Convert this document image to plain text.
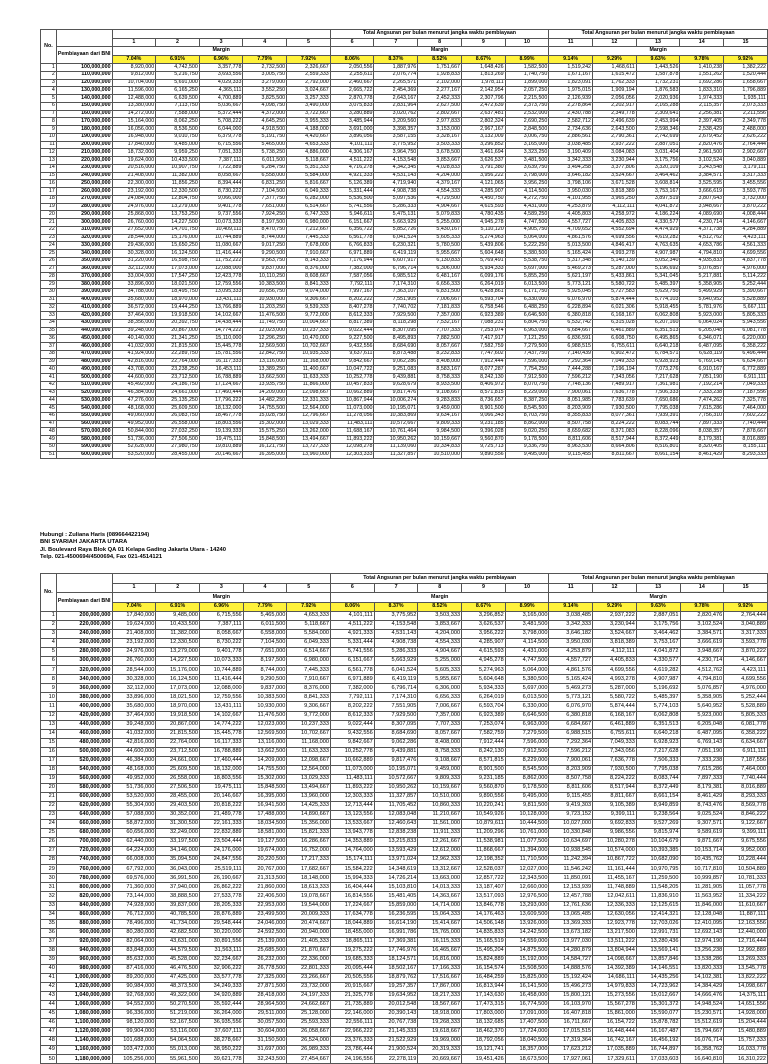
No.							Total Angsuran per bulan menurut jangka waktu pembiayaan					Total Angsuran per bulan menurut jangka waktu pembiayaan				
		1	2	3	4	5	6	7	8	9	10	11	12	13	14	15
	Pembiayaan dari BNI	Margin					Margin					Margin				
		7.04%	6.91%	6.96%	7.79%	7.92%	8.06%	8.37%	8.52%	8.67%	8.99%	9.14%	9.29%	9.63%	9.78%	9.92%
1	100,000,000	8,920,000	4,742,500	3,357,778	2,732,500	2,326,667	2,050,556	1,887,976	1,751,667	1,648,426	1,582,500	1,519,242	1,468,611	1,443,526	1,410,238	1,382,222
2	110,000,000	9,812,000	5,216,750	3,693,556	3,005,750	2,559,333	2,255,611	2,076,774	1,928,833	1,813,269	1,740,750	1,671,167	1,615,472	1,587,878	1,551,262	1,520,444
3	120,000,000	10,704,000	5,691,000	4,029,333	3,279,000	2,792,000	2,460,667	2,265,571	2,102,000	1,978,111	1,899,000	1,823,091	1,762,333	1,732,231	1,692,286	1,658,667
4	130,000,000	11,596,000	6,165,250	4,365,111	3,552,250	3,024,667	2,665,722	2,454,369	2,277,167	2,142,954	2,057,250	1,975,015	1,909,194	1,876,583	1,833,310	1,796,889
5	140,000,000	12,488,000	6,639,500	4,700,889	3,825,500	3,257,333	2,870,778	2,643,167	2,452,333	2,307,796	2,215,500	2,126,939	2,056,056	2,020,936	1,974,333	1,935,111
6	150,000,000	13,380,000	7,113,750	5,036,667	4,098,750	3,490,000	3,075,833	2,831,964	2,627,500	2,472,639	2,373,750	2,278,864	2,202,917	2,165,288	2,115,357	2,073,333
7	160,000,000	14,272,000	7,588,000	5,372,444	4,372,000	3,722,667	3,280,889	3,020,762	2,802,667	2,637,481	2,532,000	2,430,788	2,349,778	2,309,641	2,256,381	2,211,556
8	170,000,000	15,164,000	8,062,250	5,708,222	4,645,250	3,955,333	3,485,944	3,209,560	2,977,833	2,802,324	2,690,250	2,582,712	2,496,639	2,453,994	2,397,405	2,349,778
9	180,000,000	16,056,000	8,536,500	6,044,000	4,918,500	4,188,000	3,691,000	3,398,357	3,153,000	2,967,167	2,848,500	2,734,636	2,643,500	2,598,346	2,538,429	2,488,000
10	190,000,000	16,948,000	9,010,750	6,379,778	5,191,750	4,420,667	3,896,056	3,587,155	3,328,167	3,132,009	3,006,750	2,886,561	2,790,361	2,742,699	2,679,452	2,626,222
11	200,000,000	17,840,000	9,485,000	6,715,556	5,465,000	4,653,333	4,101,111	3,775,952	3,503,333	3,296,852	3,165,000	3,038,485	2,937,222	2,887,051	2,820,476	2,764,444
12	210,000,000	18,732,000	9,959,250	7,051,333	5,738,250	4,886,000	4,306,167	3,964,750	3,678,500	3,461,694	3,323,250	3,190,409	3,084,083	3,031,404	2,961,500	2,902,667
13	220,000,000	19,624,000	10,433,500	7,387,111	6,011,500	5,118,667	4,511,222	4,153,548	3,853,667	3,626,537	3,481,500	3,342,333	3,230,944	3,175,756	3,102,524	3,040,889
14	230,000,000	20,516,000	10,907,750	7,722,889	6,284,750	5,351,333	4,716,278	4,342,345	4,028,833	3,791,380	3,639,750	3,494,258	3,377,806	3,320,109	3,243,548	3,179,111
15	240,000,000	21,408,000	11,382,000	8,058,667	6,558,000	5,584,000	4,921,333	4,531,143	4,204,000	3,956,222	3,798,000	3,646,182	3,524,667	3,464,462	3,384,571	3,317,333
16	250,000,000	22,300,000	11,856,250	8,394,444	6,831,250	5,816,667	5,126,389	4,719,940	4,379,167	4,121,065	3,956,250	3,798,106	3,671,528	3,608,814	3,525,595	3,455,556
17	260,000,000	23,192,000	12,330,500	8,730,222	7,104,500	6,049,333	5,331,444	4,908,738	4,554,333	4,285,907	4,114,500	3,950,030	3,818,389	3,753,167	3,666,619	3,593,778
18	270,000,000	24,084,000	12,804,750	9,066,000	7,377,750	6,282,000	5,536,500	5,097,536	4,729,500	4,450,750	4,272,750	4,101,955	3,965,250	3,897,519	3,807,643	3,732,000
19	280,000,000	24,976,000	13,279,000	9,401,778	7,651,000	6,514,667	5,741,556	5,286,333	4,904,667	4,615,593	4,431,000	4,253,879	4,112,111	4,041,872	3,948,667	3,870,222
20	290,000,000	25,868,000	13,753,250	9,737,556	7,924,250	6,747,333	5,946,611	5,475,131	5,079,833	4,780,435	4,589,250	4,405,803	4,258,972	4,186,224	4,089,690	4,008,444
21	300,000,000	26,760,000	14,227,500	10,073,333	8,197,500	6,980,000	6,151,667	5,663,929	5,255,000	4,945,278	4,747,500	4,557,727	4,405,833	4,330,577	4,230,714	4,146,667
22	310,000,000	27,652,000	14,701,750	10,409,111	8,470,750	7,212,667	6,356,722	5,852,726	5,430,167	5,110,120	4,905,750	4,709,652	4,552,694	4,474,929	4,371,738	4,284,889
23	320,000,000	28,544,000	15,176,000	10,744,889	8,744,000	7,445,333	6,561,778	6,041,524	5,605,333	5,274,963	5,064,000	4,861,576	4,699,556	4,619,282	4,512,762	4,423,111
24	330,000,000	29,436,000	15,650,250	11,080,667	9,017,250	7,678,000	6,766,833	6,230,321	5,780,500	5,439,806	5,222,250	5,013,500	4,846,417	4,763,635	4,653,786	4,561,333
25	340,000,000	30,328,000	16,124,500	11,416,444	9,290,500	7,910,667	6,971,889	6,419,119	5,955,667	5,604,648	5,380,500	5,165,424	4,993,278	4,907,987	4,794,810	4,699,556
26	350,000,000	31,220,000	16,598,750	11,752,222	9,563,750	8,143,333	7,176,944	6,607,917	6,130,833	5,769,491	5,538,750	5,317,348	5,140,139	5,052,340	4,935,833	4,837,778
27	360,000,000	32,112,000	17,073,000	12,088,000	9,837,000	8,376,000	7,382,000	6,796,714	6,306,000	5,934,333	5,697,000	5,469,273	5,287,000	5,196,692	5,076,857	4,976,000
28	370,000,000	33,004,000	17,547,250	12,423,778	10,110,250	8,608,667	7,587,056	6,985,512	6,481,167	6,099,176	5,855,250	5,621,197	5,433,861	5,341,045	5,217,881	5,114,222
29	380,000,000	33,896,000	18,021,500	12,759,556	10,383,500	8,841,333	7,792,111	7,174,310	6,656,333	6,264,019	6,013,500	5,773,121	5,580,722	5,485,397	5,358,905	5,252,444
30	390,000,000	34,788,000	18,495,750	13,095,333	10,656,750	9,074,000	7,997,167	7,363,107	6,831,500	6,428,861	6,171,750	5,925,045	5,727,583	5,629,750	5,499,929	5,390,667
31	400,000,000	35,680,000	18,970,000	13,431,111	10,930,000	9,306,667	8,202,222	7,551,905	7,006,667	6,593,704	6,330,000	6,076,970	5,874,444	5,774,103	5,640,952	5,528,889
32	410,000,000	36,572,000	19,444,250	13,766,889	11,203,250	9,539,333	8,407,278	7,740,702	7,181,833	6,758,546	6,488,250	6,228,894	6,021,306	5,918,455	5,781,976	5,667,111
33	420,000,000	37,464,000	19,918,500	14,102,667	11,476,500	9,772,000	8,612,333	7,929,500	7,357,000	6,923,389	6,646,500	6,380,818	6,168,167	6,062,808	5,923,000	5,805,333
34	430,000,000	38,356,000	20,392,750	14,438,444	11,749,750	10,004,667	8,817,389	8,118,298	7,532,167	7,088,231	6,804,750	6,532,742	6,315,028	6,207,160	6,064,024	5,943,556
35	440,000,000	39,248,000	20,867,000	14,774,222	12,023,000	10,237,333	9,022,444	8,307,095	7,707,333	7,253,074	6,963,000	6,684,667	6,461,889	6,351,513	6,205,048	6,081,778
36	450,000,000	40,140,000	21,341,250	15,110,000	12,296,250	10,470,000	9,227,500	8,495,893	7,882,500	7,417,917	7,121,250	6,836,591	6,608,750	6,495,865	6,346,071	6,220,000
37	460,000,000	41,032,000	21,815,500	15,445,778	12,569,500	10,702,667	9,432,556	8,684,690	8,057,667	7,582,759	7,279,500	6,988,515	6,755,611	6,640,218	6,487,095	6,358,222
38	470,000,000	41,924,000	22,289,750	15,781,556	12,842,750	10,935,333	9,637,611	8,873,488	8,232,833	7,747,602	7,437,750	7,140,439	6,902,472	6,784,571	6,628,119	6,496,444
39	480,000,000	42,816,000	22,764,000	16,117,333	13,116,000	11,168,000	9,842,667	9,062,286	8,408,000	7,912,444	7,596,000	7,292,364	7,049,333	6,928,923	6,769,143	6,634,667
40	490,000,000	43,708,000	23,238,250	16,453,111	13,389,250	11,400,667	10,047,722	9,251,083	8,583,167	8,077,287	7,754,250	7,444,288	7,196,194	7,073,276	6,910,167	6,772,889
41	500,000,000	44,600,000	23,712,500	16,788,889	13,662,500	11,633,333	10,252,778	9,439,881	8,758,333	8,242,130	7,912,500	7,596,212	7,343,056	7,217,628	7,051,190	6,911,111
42	510,000,000	45,492,000	24,186,750	17,124,667	13,935,750	11,866,000	10,457,833	9,628,679	8,933,500	8,406,972	8,070,750	7,748,136	7,489,917	7,361,981	7,192,214	7,049,333
43	520,000,000	46,384,000	24,661,000	17,460,444	14,209,000	12,098,667	10,662,889	9,817,476	9,108,667	8,571,815	8,229,000	7,900,061	7,636,778	7,506,333	7,333,238	7,187,556
44	530,000,000	47,276,000	25,135,250	17,796,222	14,482,250	12,331,333	10,867,944	10,006,274	9,283,833	8,736,657	8,387,250	8,051,985	7,783,639	7,650,686	7,474,262	7,325,778
45	540,000,000	48,168,000	25,609,500	18,132,000	14,755,500	12,564,000	11,073,000	10,195,071	9,459,000	8,901,500	8,545,500	8,203,909	7,930,500	7,795,038	7,615,286	7,464,000
46	550,000,000	49,060,000	26,083,750	18,467,778	15,028,750	12,796,667	11,278,056	10,383,869	9,634,167	9,066,343	8,703,750	8,355,833	8,077,361	7,939,391	7,756,310	7,602,222
47	560,000,000	49,952,000	26,558,000	18,803,556	15,302,000	13,029,333	11,483,111	10,572,667	9,809,333	9,231,185	8,862,000	8,507,758	8,224,222	8,083,744	7,897,333	7,740,444
48	570,000,000	50,844,000	27,032,250	19,139,333	15,575,250	13,262,000	11,688,167	10,761,464	9,984,500	9,396,028	9,020,250	8,659,682	8,371,083	8,228,096	8,038,357	7,878,667
49	580,000,000	51,736,000	27,506,500	19,475,111	15,848,500	13,494,667	11,893,222	10,950,262	10,159,667	9,560,870	9,178,500	8,811,606	8,517,944	8,372,449	8,179,381	8,016,889
50	590,000,000	52,628,000	27,980,750	19,810,889	16,121,750	13,727,333	12,098,278	11,139,060	10,334,833	9,725,713	9,336,750	8,963,530	8,664,806	8,516,801	8,320,405	8,155,111
51	600,000,000	53,520,000	28,455,000	20,146,667	16,395,000	13,960,000	12,303,333	11,327,857	10,510,000	9,890,556	9,495,000	9,115,455	8,811,667	8,661,154	8,461,429	8,293,333
Hubungi : Zuliana Haris (089664422194)
BNI SYARIAH JAKARTA UTARA
Jl. Boulevard Raya Blok QA 01 Kelapa Gading Jakarta Utara - 14240
Telp. 021-4500694/4500694, Fax 021-4514121
No.							Total Angsuran per bulan menurut jangka waktu pembiayaan					Total Angsuran per bulan menurut jangka waktu pembiayaan				
		1	2	3	4	5	6	7	8	9	10	11	12	13	14	15
	Pembiayaan dari BNI	Margin					Margin					Margin				
		7.04%	6.91%	6.96%	7.79%	7.92%	8.06%	8.37%	8.52%	8.67%	8.99%	9.14%	9.29%	9.63%	9.78%	9.92%
1	200,000,000	17,840,000	9,485,000	6,715,556	5,465,000	4,653,333	4,101,111	3,775,952	3,503,333	3,296,852	3,165,000	3,038,485	2,937,222	2,887,051	2,820,476	2,764,444
2	220,000,000	19,624,000	10,433,500	7,387,111	6,011,500	5,118,667	4,511,222	4,153,548	3,853,667	3,626,537	3,481,500	3,342,333	3,230,944	3,175,756	3,102,524	3,040,889
3	240,000,000	21,408,000	11,382,000	8,058,667	6,558,000	5,584,000	4,921,333	4,531,143	4,204,000	3,956,222	3,798,000	3,646,182	3,524,667	3,464,462	3,384,571	3,317,333
4	260,000,000	23,192,000	12,330,500	8,730,222	7,104,500	6,049,333	5,331,444	4,908,738	4,554,333	4,285,907	4,114,500	3,950,030	3,818,389	3,753,167	3,666,619	3,593,778
5	280,000,000	24,976,000	13,279,000	9,401,778	7,651,000	6,514,667	5,741,556	5,286,333	4,904,667	4,615,593	4,431,000	4,253,879	4,112,111	4,041,872	3,948,667	3,870,222
6	300,000,000	26,760,000	14,227,500	10,073,333	8,197,500	6,980,000	6,151,667	5,663,929	5,255,000	4,945,278	4,747,500	4,557,727	4,405,833	4,330,577	4,230,714	4,146,667
7	320,000,000	28,544,000	15,176,000	10,744,889	8,744,000	7,445,333	6,561,778	6,041,524	5,605,333	5,274,963	5,064,000	4,861,576	4,699,556	4,619,282	4,512,762	4,423,111
8	340,000,000	30,328,000	16,124,500	11,416,444	9,290,500	7,910,667	6,971,889	6,419,119	5,955,667	5,604,648	5,380,500	5,165,424	4,993,278	4,907,987	4,794,810	4,699,556
9	360,000,000	32,112,000	17,073,000	12,088,000	9,837,000	8,376,000	7,382,000	6,796,714	6,306,000	5,934,333	5,697,000	5,469,273	5,287,000	5,196,692	5,076,857	4,976,000
10	380,000,000	33,896,000	18,021,500	12,759,556	10,383,500	8,841,333	7,792,111	7,174,310	6,656,333	6,264,019	6,013,500	5,773,121	5,580,722	5,485,397	5,358,905	5,252,444
11	400,000,000	35,680,000	18,970,000	13,431,111	10,930,000	9,306,667	8,202,222	7,551,905	7,006,667	6,593,704	6,330,000	6,076,970	5,874,444	5,774,103	5,640,952	5,528,889
12	420,000,000	37,464,000	19,918,500	14,102,667	11,476,500	9,772,000	8,612,333	7,929,500	7,357,000	6,923,389	6,646,500	6,380,818	6,168,167	6,062,808	5,923,000	5,805,333
13	440,000,000	39,248,000	20,867,000	14,774,222	12,023,000	10,237,333	9,022,444	8,307,095	7,707,333	7,253,074	6,963,000	6,684,667	6,461,889	6,351,513	6,205,048	6,081,778
14	460,000,000	41,032,000	21,815,500	15,445,778	12,569,500	10,702,667	9,432,556	8,684,690	8,057,667	7,582,759	7,279,500	6,988,515	6,755,611	6,640,218	6,487,095	6,358,222
15	480,000,000	42,816,000	22,764,000	16,117,333	13,116,000	11,168,000	9,842,667	9,062,286	8,408,000	7,912,444	7,596,000	7,292,364	7,049,333	6,928,923	6,769,143	6,634,667
16	500,000,000	44,600,000	23,712,500	16,788,889	13,662,500	11,633,333	10,252,778	9,439,881	8,758,333	8,242,130	7,912,500	7,596,212	7,343,056	7,217,628	7,051,190	6,911,111
17	520,000,000	46,384,000	24,661,000	17,460,444	14,209,000	12,098,667	10,662,889	9,817,476	9,108,667	8,571,815	8,229,000	7,900,061	7,636,778	7,506,333	7,333,238	7,187,556
18	540,000,000	48,168,000	25,609,500	18,132,000	14,755,500	12,564,000	11,073,000	10,195,071	9,459,000	8,901,500	8,545,500	8,203,909	7,930,500	7,795,038	7,615,286	7,464,000
19	560,000,000	49,952,000	26,558,000	18,803,556	15,302,000	13,029,333	11,483,111	10,572,667	9,809,333	9,231,185	8,862,000	8,507,758	8,224,222	8,083,744	7,897,333	7,740,444
20	580,000,000	51,736,000	27,506,500	19,475,111	15,848,500	13,494,667	11,893,222	10,950,262	10,159,667	9,560,870	9,178,500	8,811,606	8,517,944	8,372,449	8,179,381	8,016,889
21	600,000,000	53,520,000	28,455,000	20,146,667	16,395,000	13,960,000	12,303,333	11,327,857	10,510,000	9,890,556	9,495,000	9,115,455	8,811,667	8,661,154	8,461,429	8,293,333
22	620,000,000	55,304,000	29,403,500	20,818,222	16,941,500	14,425,333	12,713,444	11,705,452	10,860,333	10,220,241	9,811,500	9,419,303	9,105,389	8,949,859	8,743,476	8,569,778
23	640,000,000	57,088,000	30,352,000	21,489,778	17,488,000	14,890,667	13,123,556	12,083,048	11,210,667	10,549,926	10,128,000	9,723,152	9,399,111	9,238,564	9,025,524	8,846,222
24	660,000,000	58,872,000	31,300,500	22,161,333	18,034,500	15,356,000	13,533,667	12,460,643	11,561,000	10,879,611	10,444,500	10,027,000	9,692,833	9,527,269	9,307,571	9,122,667
25	680,000,000	60,656,000	32,249,000	22,832,889	18,581,000	15,821,333	13,943,778	12,838,238	11,911,333	11,209,296	10,761,000	10,330,848	9,986,556	9,815,974	9,589,619	9,399,111
26	700,000,000	62,440,000	33,197,500	23,504,444	19,127,500	16,286,667	14,353,889	13,215,833	12,261,667	11,538,981	11,077,500	10,634,697	10,280,278	10,104,679	9,871,667	9,675,556
27	720,000,000	64,224,000	34,146,000	24,176,000	19,674,000	16,752,000	14,764,000	13,593,429	12,612,000	11,868,667	11,394,000	10,938,545	10,574,000	10,393,385	10,153,714	9,952,000
28	740,000,000	66,008,000	35,094,500	24,847,556	20,220,500	17,217,333	15,174,111	13,971,024	12,962,333	12,198,352	11,710,500	11,242,394	10,867,722	10,682,090	10,435,762	10,228,444
29	760,000,000	67,792,000	36,043,000	25,519,111	20,767,000	17,682,667	15,584,222	14,348,619	13,312,667	12,528,037	12,027,000	11,546,242	11,161,444	10,970,795	10,717,810	10,504,889
30	780,000,000	69,576,000	36,991,500	26,190,667	21,313,500	18,148,000	15,994,333	14,726,214	13,663,000	12,857,722	12,343,500	11,850,091	11,455,167	11,259,500	10,999,857	10,781,333
31	800,000,000	71,360,000	37,940,000	26,862,222	21,860,000	18,613,333	16,404,444	15,103,810	14,013,333	13,187,407	12,660,000	12,153,939	11,748,889	11,548,205	11,281,905	11,057,778
32	820,000,000	73,144,000	38,888,500	27,533,778	22,406,500	19,078,667	16,814,556	15,481,405	14,363,667	13,517,093	12,976,500	12,457,788	12,042,611	11,836,910	11,563,952	11,334,222
33	840,000,000	74,928,000	39,837,000	28,205,333	22,953,000	19,544,000	17,224,667	15,859,000	14,714,000	13,846,778	13,293,000	12,761,636	12,336,333	12,125,615	11,846,000	11,610,667
34	860,000,000	76,712,000	40,785,500	28,876,889	23,499,500	20,009,333	17,634,778	16,236,595	15,064,333	14,176,463	13,609,500	13,065,485	12,630,056	12,414,321	12,128,048	11,887,111
35	880,000,000	78,496,000	41,734,000	29,548,444	24,046,000	20,474,667	18,044,889	16,614,190	15,414,667	14,506,148	13,926,000	13,369,333	12,923,778	12,703,026	12,410,095	12,163,556
36	900,000,000	80,280,000	42,682,500	30,220,000	24,592,500	20,940,000	18,455,000	16,991,786	15,765,000	14,835,833	14,242,500	13,673,182	13,217,500	12,991,731	12,692,143	12,440,000
37	920,000,000	82,064,000	43,631,000	30,891,556	25,139,000	21,405,333	18,865,111	17,369,381	16,115,333	15,165,519	14,559,000	13,977,030	13,511,222	13,280,436	12,974,190	12,716,444
38	940,000,000	83,848,000	44,579,500	31,563,111	25,685,500	21,870,667	19,275,222	17,746,976	16,465,667	15,495,204	14,875,500	14,280,879	13,804,944	13,569,141	13,256,238	12,992,889
39	960,000,000	85,632,000	45,528,000	32,234,667	26,232,000	22,336,000	19,685,333	18,124,571	16,816,000	15,824,889	15,192,000	14,584,727	14,098,667	13,857,846	13,538,286	13,269,333
40	980,000,000	87,416,000	46,476,500	32,906,222	26,778,500	22,801,333	20,095,444	18,502,167	17,166,333	16,154,574	15,508,500	14,888,576	14,392,389	14,146,551	13,820,333	13,545,778
41	1,000,000,000	89,200,000	47,425,000	33,577,778	27,325,000	23,266,667	20,505,556	18,879,762	17,516,667	16,484,259	15,825,000	15,192,424	14,686,111	14,435,256	14,102,381	13,822,222
42	1,020,000,000	90,984,000	48,373,500	34,249,333	27,871,500	23,732,000	20,915,667	19,257,357	17,867,000	16,813,944	16,141,500	15,496,273	14,979,833	14,723,962	14,384,429	14,098,667
43	1,040,000,000	92,768,000	49,322,000	34,920,889	28,418,000	24,197,333	21,325,778	19,634,952	18,217,333	17,143,630	16,458,000	15,800,121	15,273,556	15,012,667	14,666,476	14,375,111
44	1,060,000,000	94,552,000	50,270,500	35,592,444	28,964,500	24,662,667	21,735,889	20,012,548	18,567,667	17,473,315	16,774,500	16,103,970	15,567,278	15,301,372	14,948,524	14,651,556
45	1,080,000,000	96,336,000	51,219,000	36,264,000	29,511,000	25,128,000	22,146,000	20,390,143	18,918,000	17,803,000	17,091,000	16,407,818	15,861,000	15,590,077	15,230,571	14,928,000
46	1,100,000,000	98,120,000	52,167,500	36,935,556	30,057,500	25,593,333	22,556,111	20,767,738	19,268,333	18,132,685	17,407,500	16,711,667	16,154,722	15,878,782	15,512,619	15,204,444
47	1,120,000,000	99,904,000	53,116,000	37,607,111	30,604,000	26,058,667	22,966,222	21,145,333	19,618,667	18,462,370	17,724,000	17,015,515	16,448,444	16,167,487	15,794,667	15,480,889
48	1,140,000,000	101,688,000	54,064,500	38,278,667	31,150,500	26,524,000	23,376,333	21,522,929	19,969,000	18,792,056	18,040,500	17,319,364	16,742,167	16,456,192	16,076,714	15,757,333
49	1,160,000,000	103,472,000	55,013,000	38,950,222	31,697,000	26,989,333	23,786,444	21,900,524	20,319,333	19,121,741	18,357,000	17,623,212	17,035,889	16,744,897	16,358,762	16,033,778
50	1,180,000,000	105,256,000	55,961,500	39,621,778	32,243,500	27,454,667	24,196,556	22,278,119	20,669,667	19,451,426	18,673,500	17,927,061	17,329,611	17,033,603	16,640,810	16,310,222
